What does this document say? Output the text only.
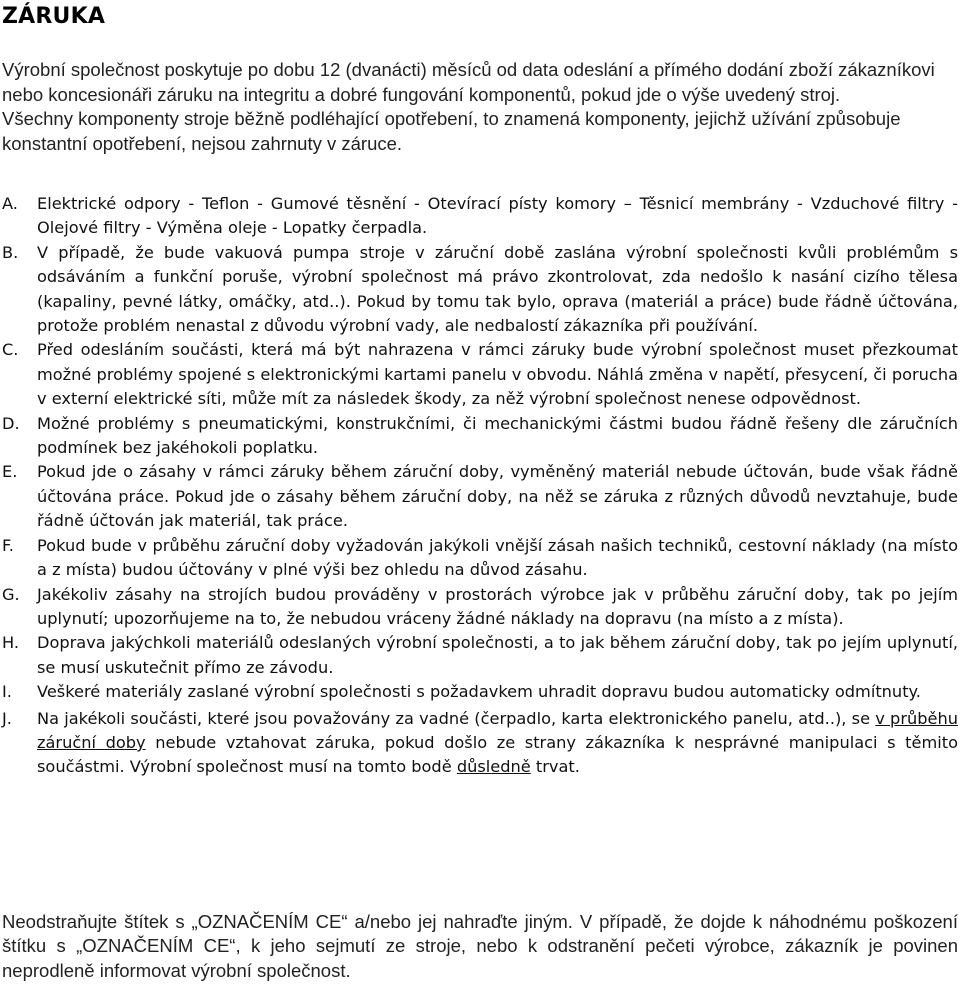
ZÁRUKA

Výrobní společnost poskytuje po dobu 12 (dvanácti) měsíců od data odeslání a přímého dodání zboží zákazníkovi nebo koncesionáři záruku na integritu a dobré fungování komponentů, pokud jde o výše uvedený stroj.

Všechny komponenty stroje běžně podléhající opotřebení, to znamená komponenty, jejichž užívání způsobuje konstantní opotřebení, nejsou zahrnuty v záruce.

A.	Elektrické odpory - Teflon - Gumové těsnění - Otevírací písty komory – Těsnicí membrány - Vzduchové filtry - Olejové filtry - Výměna oleje - Lopatky čerpadla.
B.	V případě, že bude vakuová pumpa stroje v záruční době zaslána výrobní společnosti kvůli problémům s odsáváním a funkční poruše, výrobní společnost má právo zkontrolovat, zda nedošlo k nasání cizího tělesa (kapaliny, pevné látky, omáčky, atd..). Pokud by tomu tak bylo, oprava (materiál a práce) bude řádně účtována, protože problém nenastal z důvodu výrobní vady, ale nedbalostí zákazníka při používání.
C.	Před odesláním součásti, která má být nahrazena v rámci záruky bude výrobní společnost muset přezkoumat možné problémy spojené s elektronickými kartami panelu v obvodu. Náhlá změna v napětí, přesycení, či porucha v externí elektrické síti, může mít za následek škody, za něž výrobní společnost nenese odpovědnost.
D.	Možné problémy s pneumatickými, konstrukčními, či mechanickými částmi budou řádně řešeny dle záručních podmínek bez jakéhokoli poplatku.
E.	Pokud jde o zásahy v rámci záruky během záruční doby, vyměněný materiál nebude účtován, bude však řádně účtována práce. Pokud jde o zásahy během záruční doby, na něž se záruka z různých důvodů nevztahuje, bude řádně účtován jak materiál, tak práce.
F.	Pokud bude v průběhu záruční doby vyžadován jakýkoli vnější zásah našich techniků, cestovní náklady (na místo a z místa) budou účtovány v plné výši bez ohledu na důvod zásahu.
G.	Jakékoliv zásahy na strojích budou prováděny v prostorách výrobce jak v průběhu záruční doby, tak po jejím uplynutí; upozorňujeme na to, že nebudou vráceny žádné náklady na dopravu (na místo a z místa).
H.	Doprava jakýchkoli materiálů odeslaných výrobní společnosti, a to jak během záruční doby, tak po jejím uplynutí, se musí uskutečnit přímo ze závodu.
I.	Veškeré materiály zaslané výrobní společnosti s požadavkem uhradit dopravu budou automaticky odmítnuty.
J.	Na jakékoli součásti, které jsou považovány za vadné (čerpadlo, karta elektronického panelu, atd..), se v průběhu záruční doby nebude vztahovat záruka, pokud došlo ze strany zákazníka k nesprávné manipulaci s těmito součástmi. Výrobní společnost musí na tomto bodě důsledně trvat.

Neodstraňujte štítek s „OZNAČENÍM CE“ a/nebo jej nahraďte jiným. V případě, že dojde k náhodnému poškození štítku s „OZNAČENÍM CE“, k jeho sejmutí ze stroje, nebo k odstranění pečeti výrobce, zákazník je povinen neprodleně informovat výrobní společnost.
